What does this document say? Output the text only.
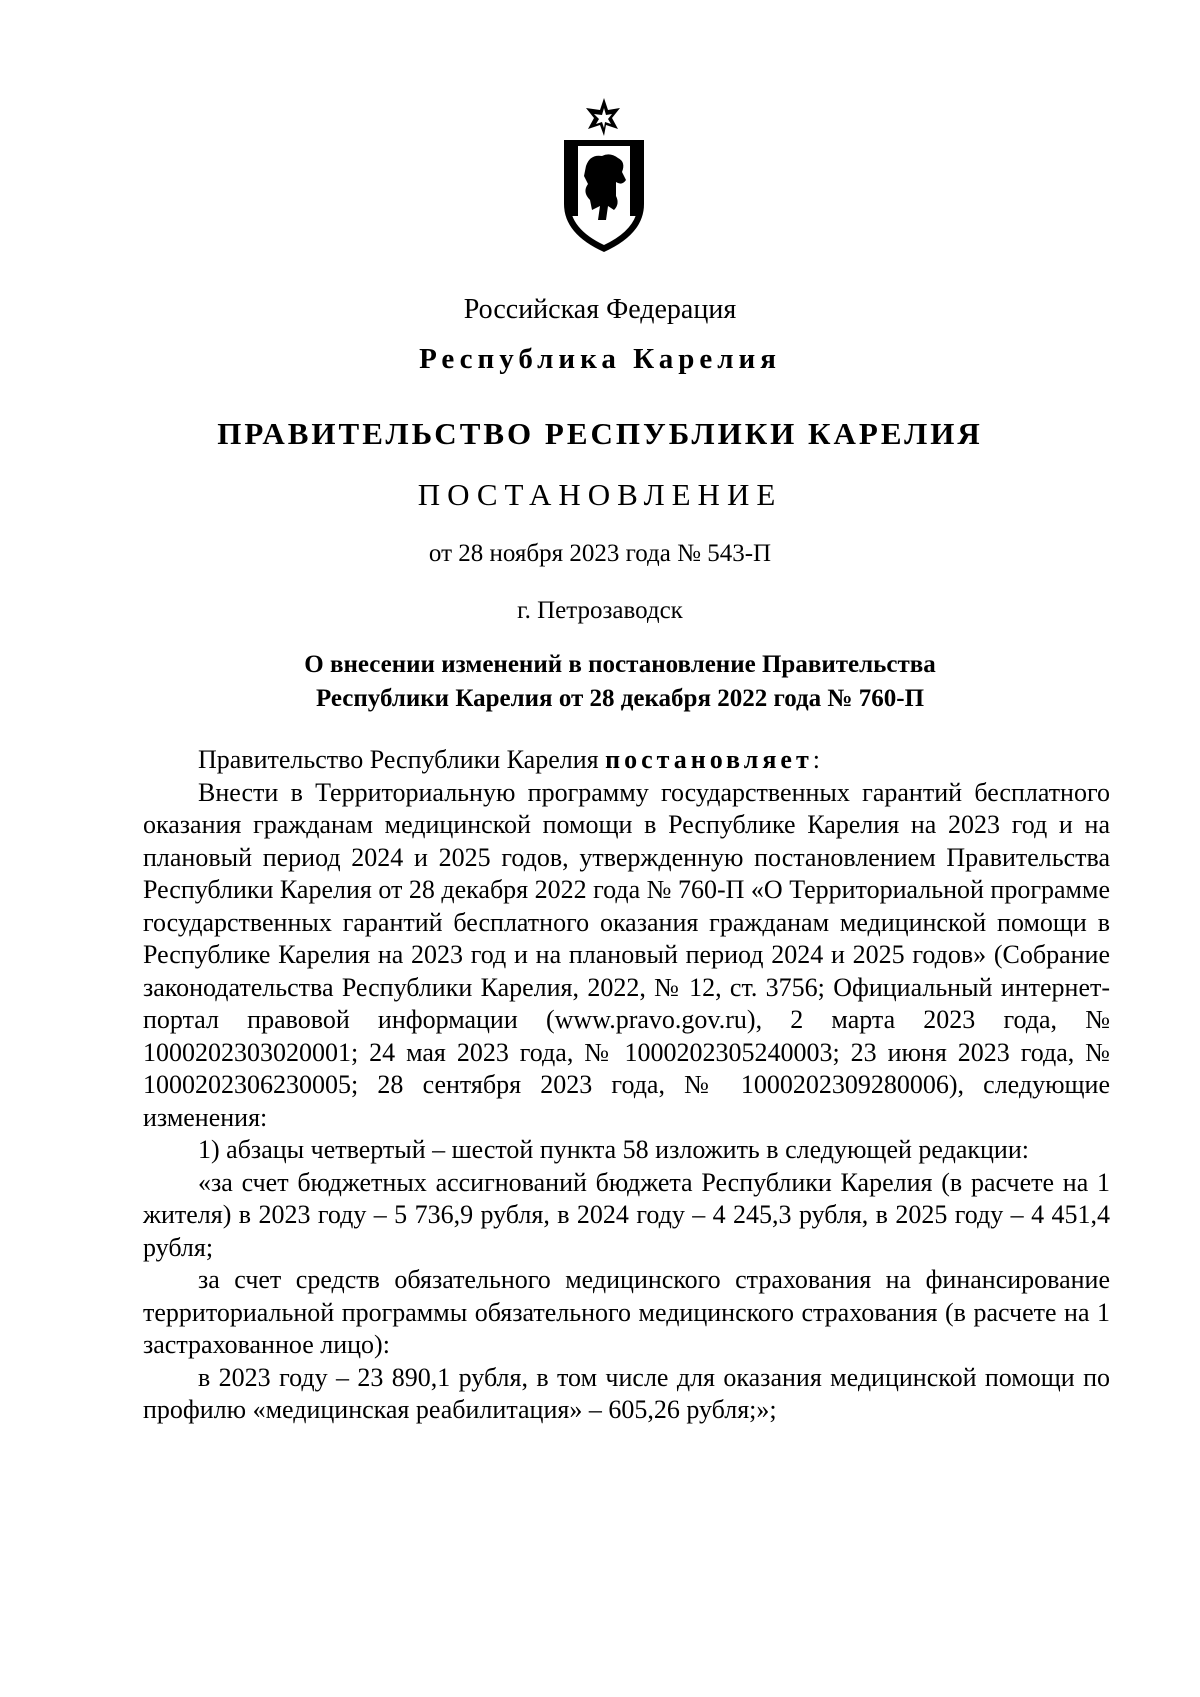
Российская Федерация
Республика Карелия
ПРАВИТЕЛЬСТВО РЕСПУБЛИКИ КАРЕЛИЯ
ПОСТАНОВЛЕНИЕ
от 28 ноября 2023 года № 543-П
г. Петрозаводск
О внесении изменений в постановление Правительства
Республики Карелия от 28 декабря 2022 года № 760-П

Правительство Республики Карелия постановляет:

Внести в Территориальную программу государственных гарантий бесплатного оказания гражданам медицинской помощи в Республике Карелия на 2023 год и на плановый период 2024 и 2025 годов, утвержденную постановлением Правительства Республики Карелия от 28 декабря 2022 года № 760-П «О Территориальной программе государственных гарантий бесплатного оказания гражданам медицинской помощи в Республике Карелия на 2023 год и на плановый период 2024 и 2025 годов» (Собрание законодательства Республики Карелия, 2022, № 12, ст. 3756; Официальный интернет-портал правовой информации (www.pravo.gov.ru), 2 марта 2023 года, № 1000202303020001; 24 мая 2023 года, № 1000202305240003; 23 июня 2023 года, № 1000202306230005; 28 сентября 2023 года, № 1000202309280006), следующие изменения:

1) абзацы четвертый – шестой пункта 58 изложить в следующей редакции:

«за счет бюджетных ассигнований бюджета Республики Карелия (в расчете на 1 жителя) в 2023 году – 5 736,9 рубля, в 2024 году – 4 245,3 рубля, в 2025 году – 4 451,4 рубля;

за счет средств обязательного медицинского страхования на финансирование территориальной программы обязательного медицинского страхования (в расчете на 1 застрахованное лицо):

в 2023 году – 23 890,1 рубля, в том числе для оказания медицинской помощи по профилю «медицинская реабилитация» – 605,26 рубля;»;
